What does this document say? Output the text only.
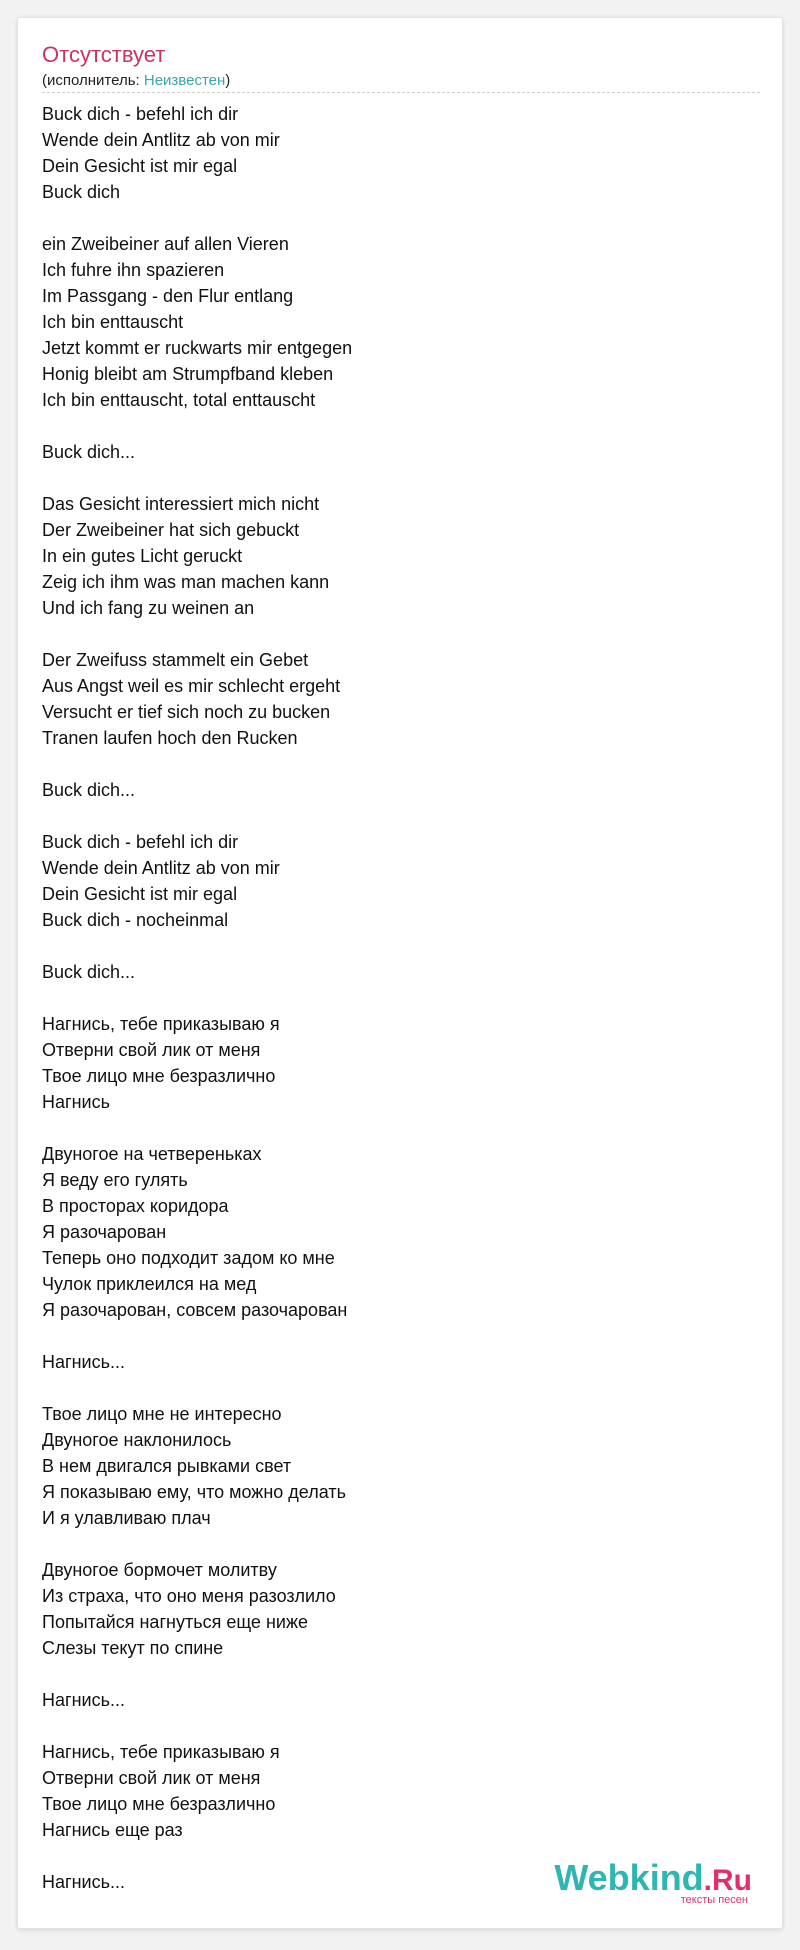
Отсутствует
(исполнитель: Неизвестен)
Buck dich - befehl ich dir
Wende dein Antlitz ab von mir
Dein Gesicht ist mir egal
Buck dich

ein Zweibeiner auf allen Vieren
Ich fuhre ihn spazieren
Im Passgang - den Flur entlang
Ich bin enttauscht
Jetzt kommt er ruckwarts mir entgegen
Honig bleibt am Strumpfband kleben
Ich bin enttauscht, total enttauscht

Buck dich...

Das Gesicht interessiert mich nicht
Der Zweibeiner hat sich gebuckt
In ein gutes Licht geruckt
Zeig ich ihm was man machen kann
Und ich fang zu weinen an

Der Zweifuss stammelt ein Gebet
Aus Angst weil es mir schlecht ergeht
Versucht er tief sich noch zu bucken
Tranen laufen hoch den Rucken

Buck dich...

Buck dich - befehl ich dir
Wende dein Antlitz ab von mir
Dein Gesicht ist mir egal
Buck dich - nocheinmal

Buck dich...

Нагнись, тебе приказываю я
Отверни свой лик от меня
Твое лицо мне безразлично
Нагнись

Двуногое на четвереньках
Я веду его гулять
В просторах коридора
Я разочарован
Теперь оно подходит задом ко мне
Чулок приклеился на мед
Я разочарован, совсем разочарован

Нагнись...

Твое лицо мне не интересно
Двуногое наклонилось
В нем двигался рывками свет
Я показываю ему, что можно делать
И я улавливаю плач

Двуногое бормочет молитву
Из страха, что оно меня разозлило
Попытайся нагнуться еще ниже
Слезы текут по спине

Нагнись...

Нагнись, тебе приказываю я
Отверни свой лик от меня
Твое лицо мне безразлично
Нагнись еще раз

Нагнись...	Webkind.Ru
тексты песен
